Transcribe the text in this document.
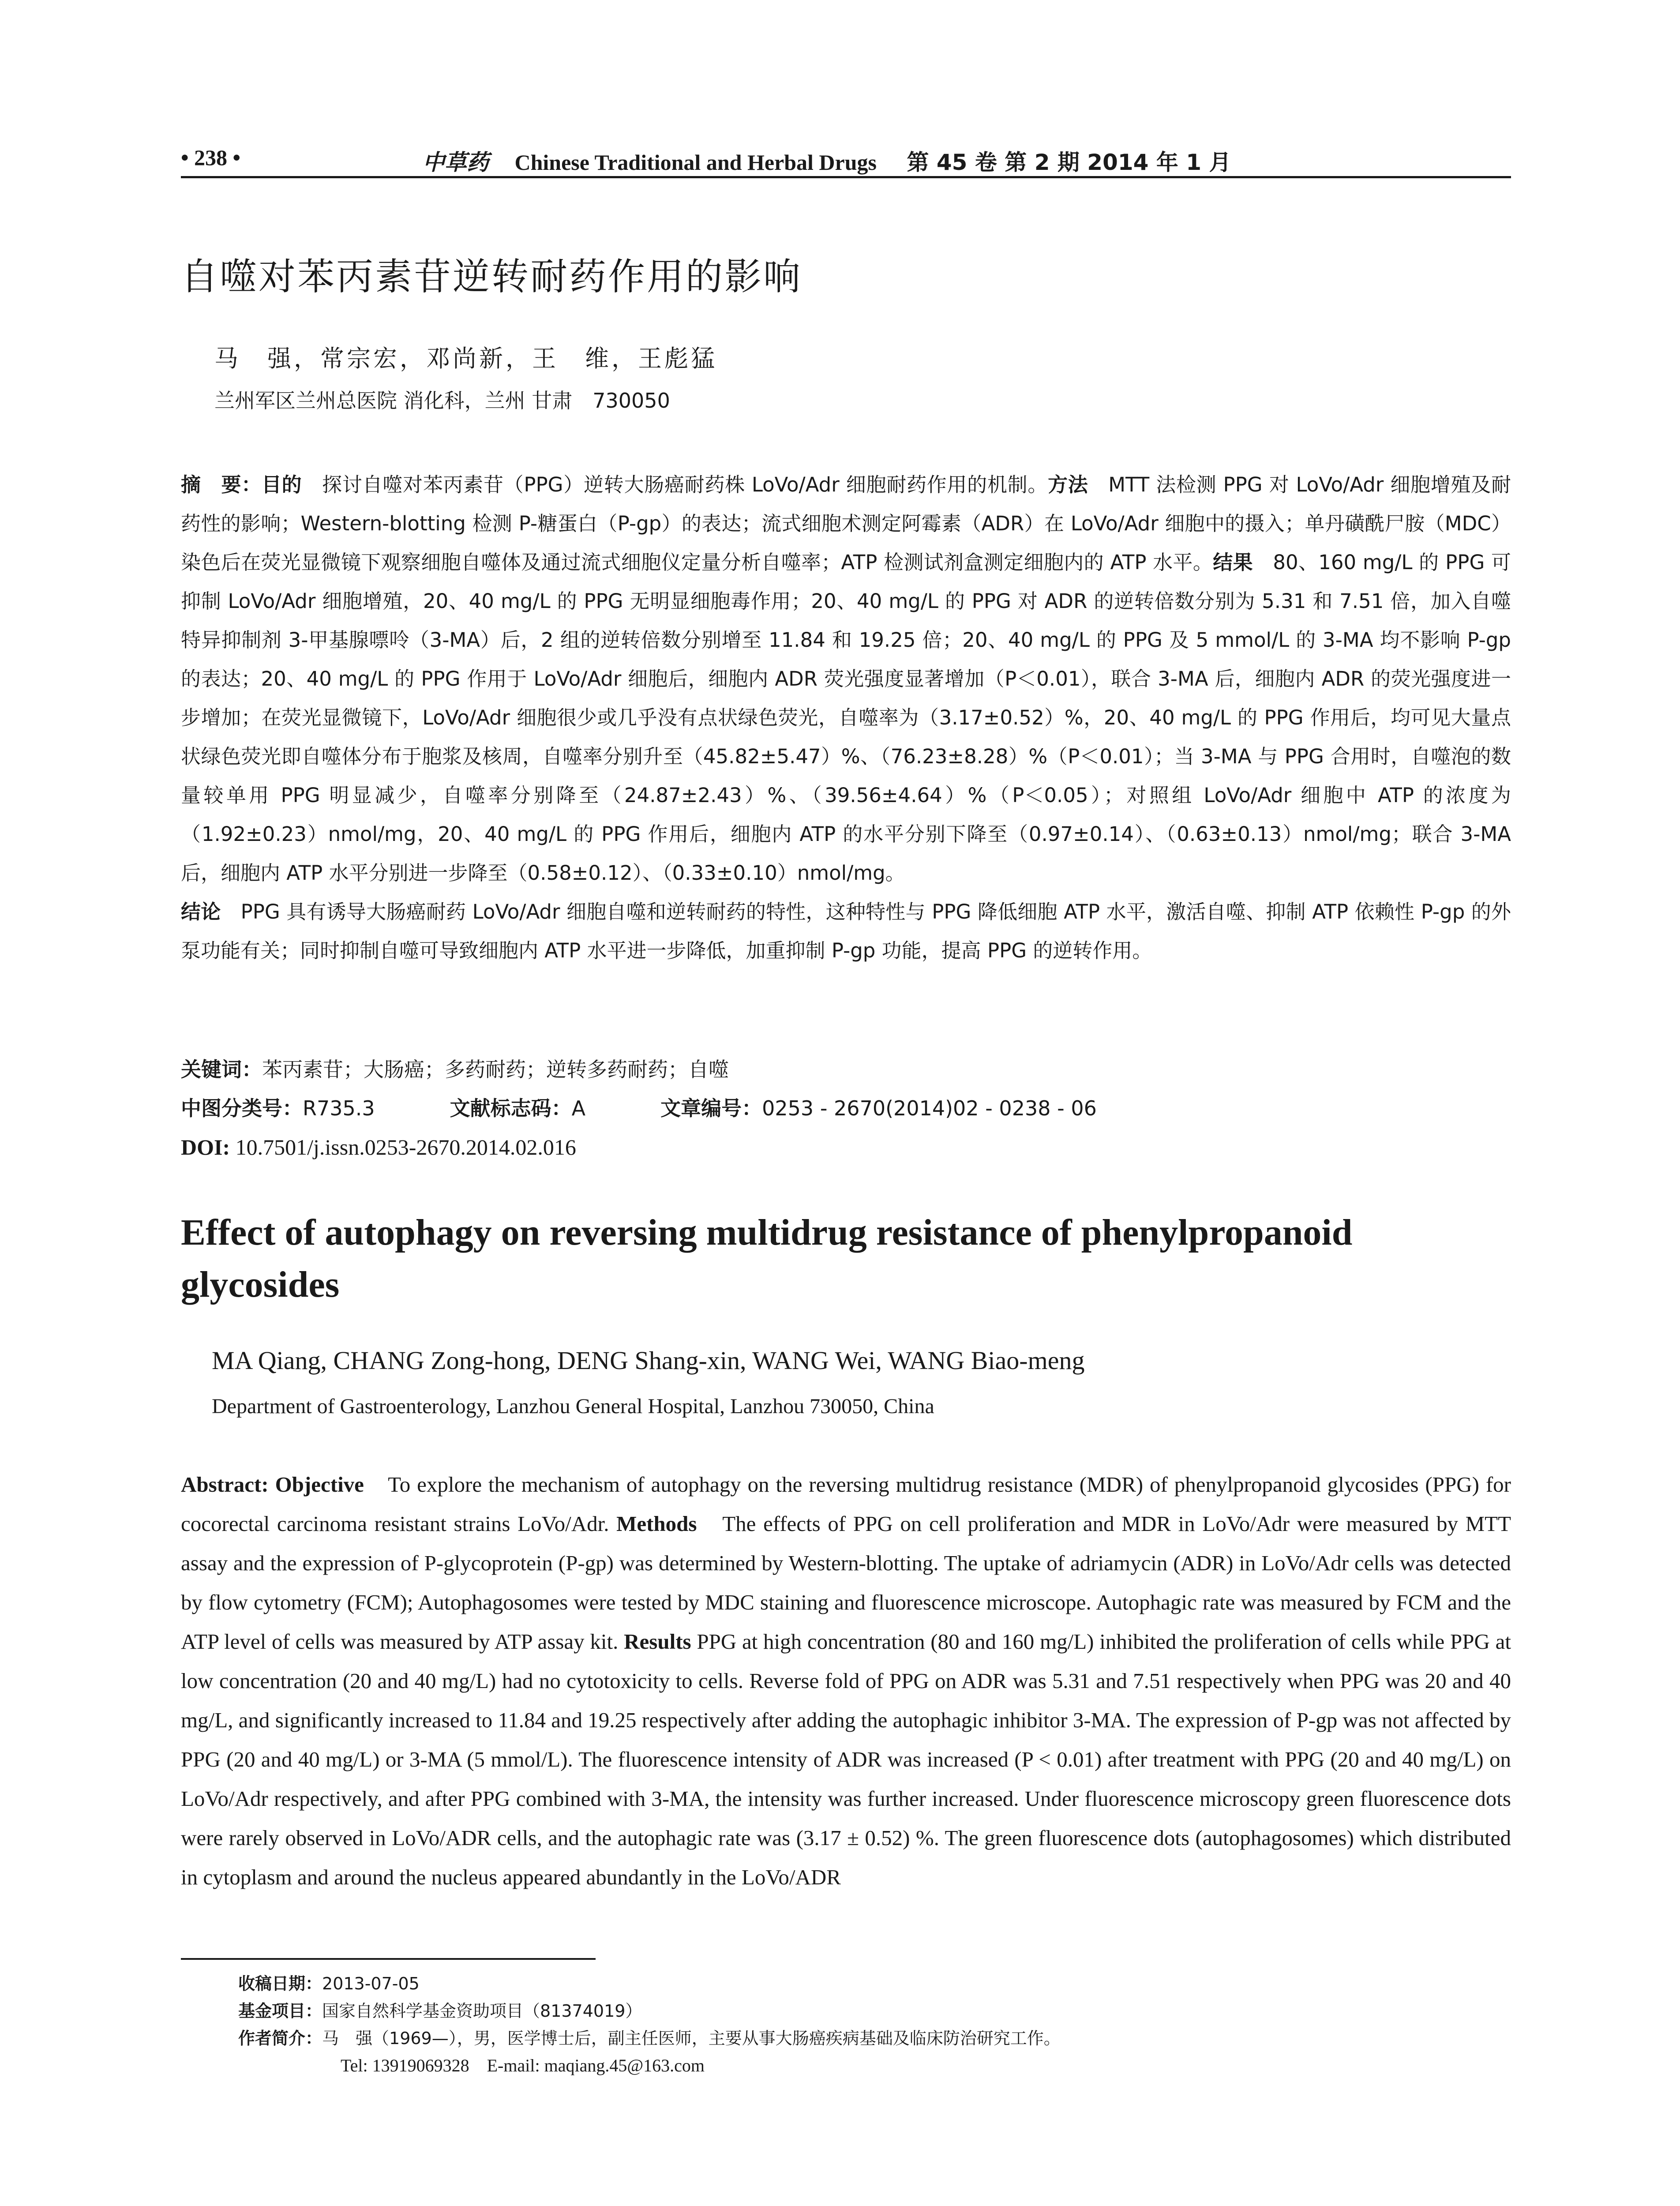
• 238 •	中草药 Chinese Traditional and Herbal Drugs 第 45 卷 第 2 期 2014 年 1 月
自噬对苯丙素苷逆转耐药作用的影响
马　强，常宗宏，邓尚新，王　维，王彪猛
兰州军区兰州总医院 消化科，兰州 甘肃　730050

摘　要：目的　探讨自噬对苯丙素苷（PPG）逆转大肠癌耐药株 LoVo/Adr 细胞耐药作用的机制。方法　MTT 法检测 PPG 对 LoVo/Adr 细胞增殖及耐药性的影响；Western-blotting 检测 P-糖蛋白（P-gp）的表达；流式细胞术测定阿霉素（ADR）在 LoVo/Adr 细胞中的摄入；单丹磺酰尸胺（MDC）染色后在荧光显微镜下观察细胞自噬体及通过流式细胞仪定量分析自噬率；ATP 检测试剂盒测定细胞内的 ATP 水平。结果　80、160 mg/L 的 PPG 可抑制 LoVo/Adr 细胞增殖，20、40 mg/L 的 PPG 无明显细胞毒作用；20、40 mg/L 的 PPG 对 ADR 的逆转倍数分别为 5.31 和 7.51 倍，加入自噬特异抑制剂 3-甲基腺嘌呤（3-MA）后，2 组的逆转倍数分别增至 11.84 和 19.25 倍；20、40 mg/L 的 PPG 及 5 mmol/L 的 3-MA 均不影响 P-gp 的表达；20、40 mg/L 的 PPG 作用于 LoVo/Adr 细胞后，细胞内 ADR 荧光强度显著增加（P＜0.01），联合 3-MA 后，细胞内 ADR 的荧光强度进一步增加；在荧光显微镜下，LoVo/Adr 细胞很少或几乎没有点状绿色荧光，自噬率为（3.17±0.52）%，20、40 mg/L 的 PPG 作用后，均可见大量点状绿色荧光即自噬体分布于胞浆及核周，自噬率分别升至（45.82±5.47）%、（76.23±8.28）%（P＜0.01）；当 3-MA 与 PPG 合用时，自噬泡的数量较单用 PPG 明显减少，自噬率分别降至（24.87±2.43）%、（39.56±4.64）%（P＜0.05）；对照组 LoVo/Adr 细胞中 ATP 的浓度为（1.92±0.23）nmol/mg，20、40 mg/L 的 PPG 作用后，细胞内 ATP 的水平分别下降至（0.97±0.14）、（0.63±0.13）nmol/mg；联合 3-MA 后，细胞内 ATP 水平分别进一步降至（0.58±0.12）、（0.33±0.10）nmol/mg。

结论　PPG 具有诱导大肠癌耐药 LoVo/Adr 细胞自噬和逆转耐药的特性，这种特性与 PPG 降低细胞 ATP 水平，激活自噬、抑制 ATP 依赖性 P-gp 的外泵功能有关；同时抑制自噬可导致细胞内 ATP 水平进一步降低，加重抑制 P-gp 功能，提高 PPG 的逆转作用。

关键词：苯丙素苷；大肠癌；多药耐药；逆转多药耐药；自噬
中图分类号：R735.3	文献标志码：A	文章编号：0253 - 2670(2014)02 - 0238 - 06
DOI: 10.7501/j.issn.0253-2670.2014.02.016
Effect of autophagy on reversing multidrug resistance of phenylpropanoid glycosides
MA Qiang, CHANG Zong-hong, DENG Shang-xin, WANG Wei, WANG Biao-meng
Department of Gastroenterology, Lanzhou General Hospital, Lanzhou 730050, China

Abstract: Objective　To explore the mechanism of autophagy on the reversing multidrug resistance (MDR) of phenylpropanoid glycosides (PPG) for cocorectal carcinoma resistant strains LoVo/Adr. Methods　The effects of PPG on cell proliferation and MDR in LoVo/Adr were measured by MTT assay and the expression of P-glycoprotein (P-gp) was determined by Western-blotting. The uptake of adriamycin (ADR) in LoVo/Adr cells was detected by flow cytometry (FCM); Autophagosomes were tested by MDC staining and fluorescence microscope. Autophagic rate was measured by FCM and the ATP level of cells was measured by ATP assay kit. Results PPG at high concentration (80 and 160 mg/L) inhibited the proliferation of cells while PPG at low concentration (20 and 40 mg/L) had no cytotoxicity to cells. Reverse fold of PPG on ADR was 5.31 and 7.51 respectively when PPG was 20 and 40 mg/L, and significantly increased to 11.84 and 19.25 respectively after adding the autophagic inhibitor 3-MA. The expression of P-gp was not affected by PPG (20 and 40 mg/L) or 3-MA (5 mmol/L). The fluorescence intensity of ADR was increased (P < 0.01) after treatment with PPG (20 and 40 mg/L) on LoVo/Adr respectively, and after PPG combined with 3-MA, the intensity was further increased. Under fluorescence microscopy green fluorescence dots were rarely observed in LoVo/ADR cells, and the autophagic rate was (3.17 ± 0.52) %. The green fluorescence dots (autophagosomes) which distributed in cytoplasm and around the nucleus appeared abundantly in the LoVo/ADR

收稿日期：2013-07-05
基金项目：国家自然科学基金资助项目（81374019）
作者简介：马　强（1969—），男，医学博士后，副主任医师，主要从事大肠癌疾病基础及临床防治研究工作。
Tel: 13919069328　E-mail: maqiang.45@163.com
